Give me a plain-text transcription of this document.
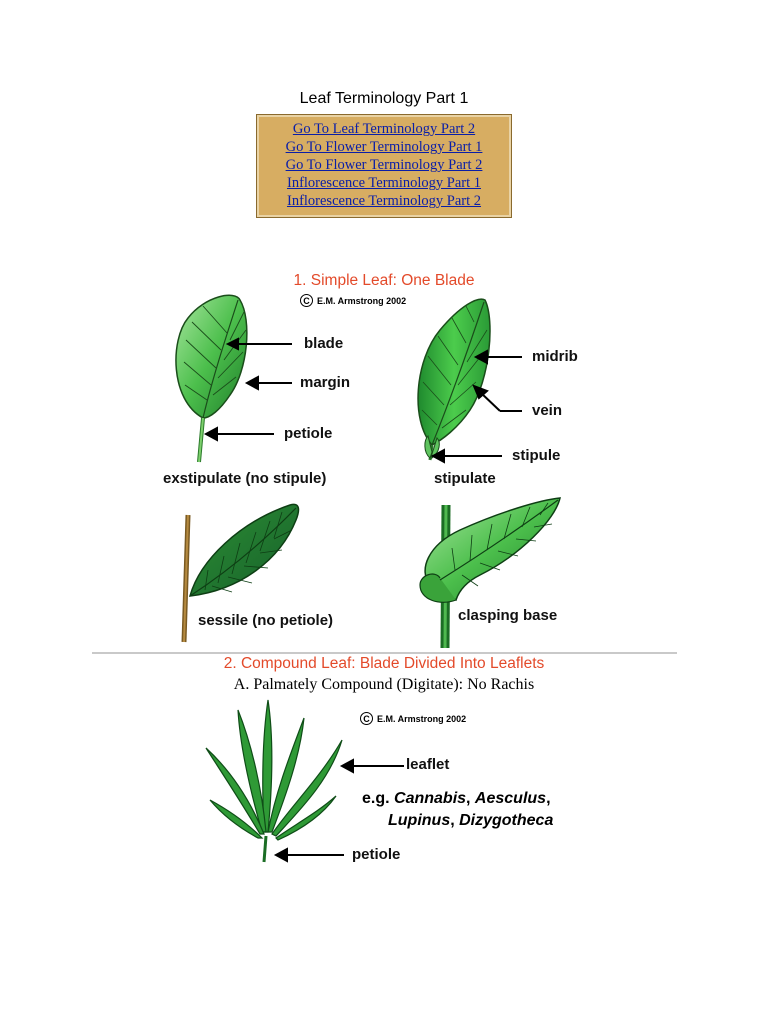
Leaf Terminology Part 1
Go To Leaf Terminology Part 2
Go To Flower Terminology Part 1
Go To Flower Terminology Part 2
Inflorescence Terminology Part 1
Inflorescence Terminology Part 2
1. Simple Leaf: One Blade
C E.M. Armstrong 2002
blade
margin
petiole
midrib
vein
stipule
exstipulate (no stipule)	stipulate
sessile (no petiole)	clasping base
2. Compound Leaf: Blade Divided Into Leaflets
A. Palmately Compound (Digitate): No Rachis
C E.M. Armstrong 2002
leaflet
petiole
e.g. Cannabis, Aesculus,
Lupinus, Dizygotheca
